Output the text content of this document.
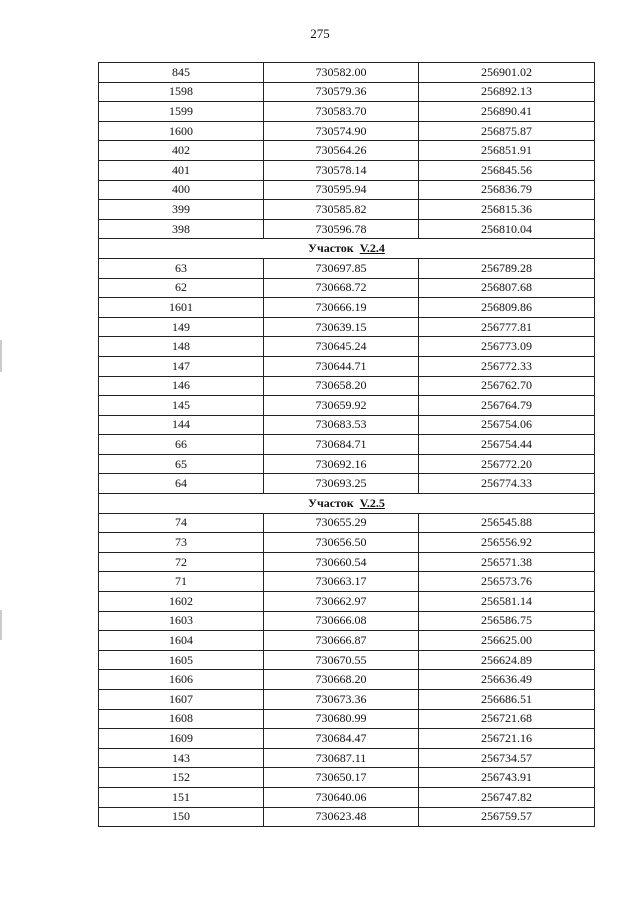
275
845	730582.00	256901.02
1598	730579.36	256892.13
1599	730583.70	256890.41
1600	730574.90	256875.87
402	730564.26	256851.91
401	730578.14	256845.56
400	730595.94	256836.79
399	730585.82	256815.36
398	730596.78	256810.04
Участок V.2.4		
63	730697.85	256789.28
62	730668.72	256807.68
1601	730666.19	256809.86
149	730639.15	256777.81
148	730645.24	256773.09
147	730644.71	256772.33
146	730658.20	256762.70
145	730659.92	256764.79
144	730683.53	256754.06
66	730684.71	256754.44
65	730692.16	256772.20
64	730693.25	256774.33
Участок V.2.5		
74	730655.29	256545.88
73	730656.50	256556.92
72	730660.54	256571.38
71	730663.17	256573.76
1602	730662.97	256581.14
1603	730666.08	256586.75
1604	730666.87	256625.00
1605	730670.55	256624.89
1606	730668.20	256636.49
1607	730673.36	256686.51
1608	730680.99	256721.68
1609	730684.47	256721.16
143	730687.11	256734.57
152	730650.17	256743.91
151	730640.06	256747.82
150	730623.48	256759.57
